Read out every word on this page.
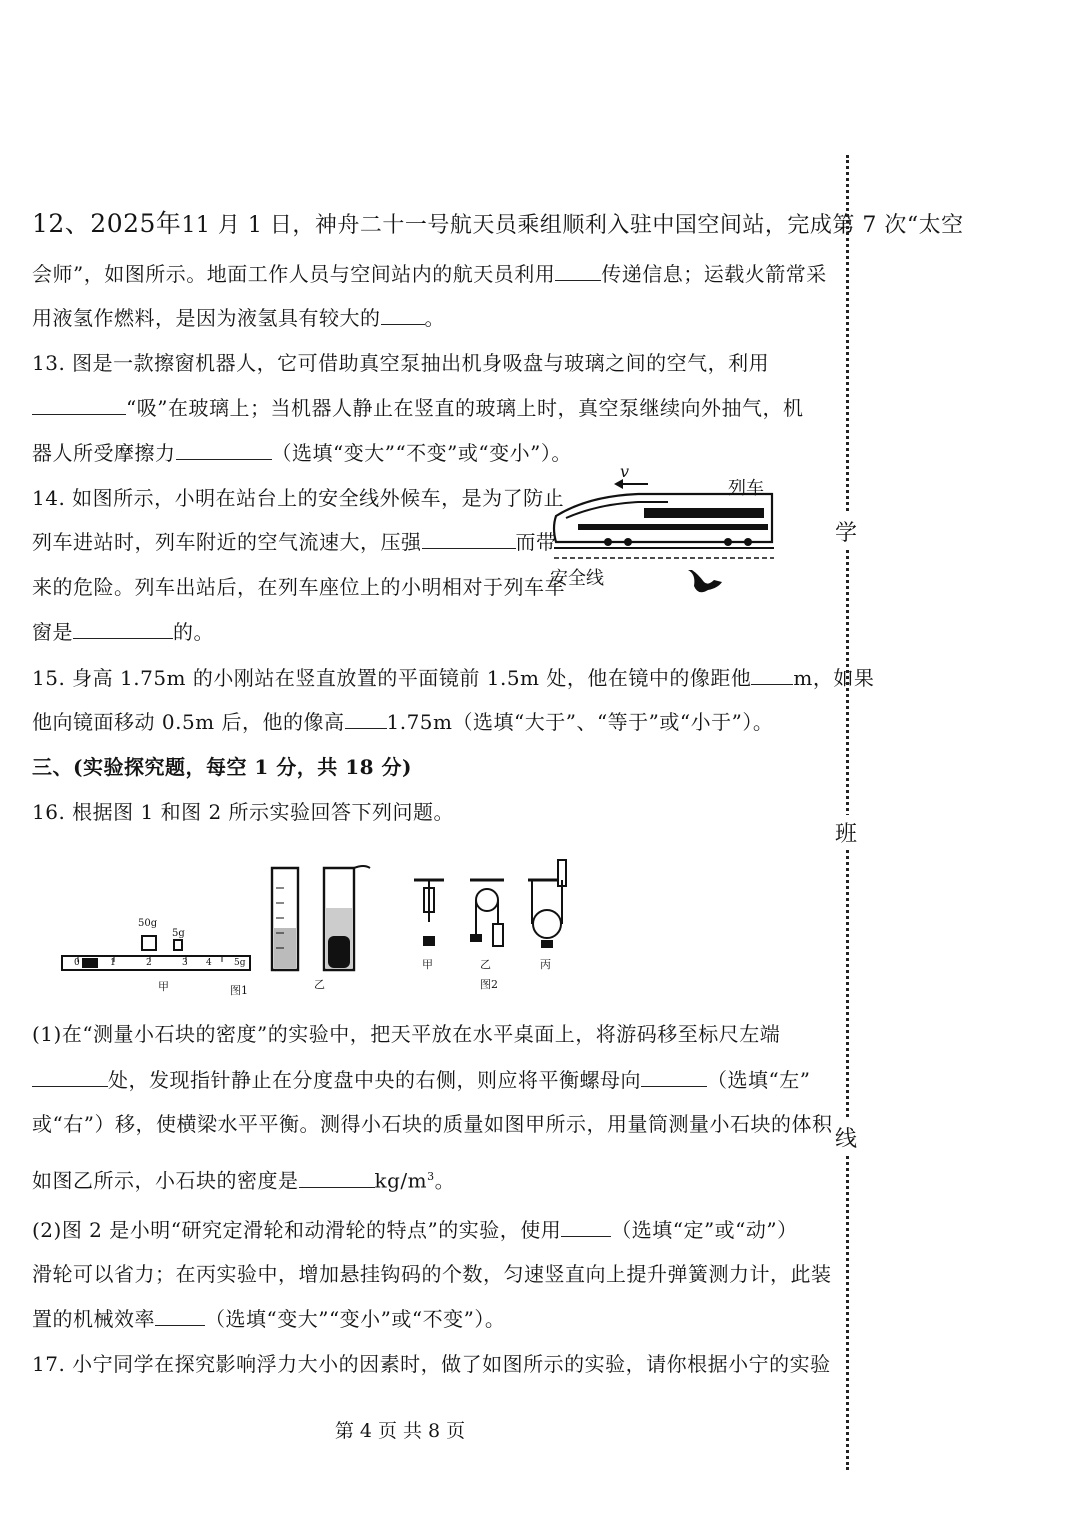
12、2025年11 月 1 日，神舟二十一号航天员乘组顺利入驻中国空间站，完成第 7 次“太空
会师”，如图所示。地面工作人员与空间站内的航天员利用 传递信息；运载火箭常采
用液氢作燃料，是因为液氢具有较大的 。
13. 图是一款擦窗机器人，它可借助真空泵抽出机身吸盘与玻璃之间的空气，利用
“吸”在玻璃上；当机器人静止在竖直的玻璃上时，真空泵继续向外抽气，机
器人所受摩擦力	（选填“变大”“不变”或“变小”）。
14. 如图所示，小明在站台上的安全线外候车，是为了防止
列车进站时，列车附近的空气流速大，压强	而带
来的危险。列车出站后，在列车座位上的小明相对于列车车
窗是	的。
v
列车
安全线
15. 身高 1.75m 的小刚站在竖直放置的平面镜前 1.5m 处，他在镜中的像距他 m，如果
他向镜面移动 0.5m 后，他的像高 1.75m（选填“大于”、“等于”或“小于”）。
三、(实验探究题，每空 1 分，共 18 分)
16. 根据图 1 和图 2 所示实验回答下列问题。
50g
5g
0	1	2	3 4 5g
甲	图1	乙
甲	乙	丙
图2
(1)在“测量小石块的密度”的实验中，把天平放在水平桌面上，将游码移至标尺左端
处，发现指针静止在分度盘中央的右侧，则应将平衡螺母向	（选填“左”
或“右”）移，使横梁水平平衡。测得小石块的质量如图甲所示，用量筒测量小石块的体积
如图乙所示，小石块的密度是	$kg/m^3$。
(2)图 2 是小明“研究定滑轮和动滑轮的特点”的实验，使用	（选填“定”或“动”）
滑轮可以省力；在丙实验中，增加悬挂钩码的个数，匀速竖直向上提升弹簧测力计，此装
置的机械效率	（选填“变大”“变小”或“不变”）。
17. 小宁同学在探究影响浮力大小的因素时，做了如图所示的实验，请你根据小宁的实验
第 4 页 共 8 页
学
班
线
